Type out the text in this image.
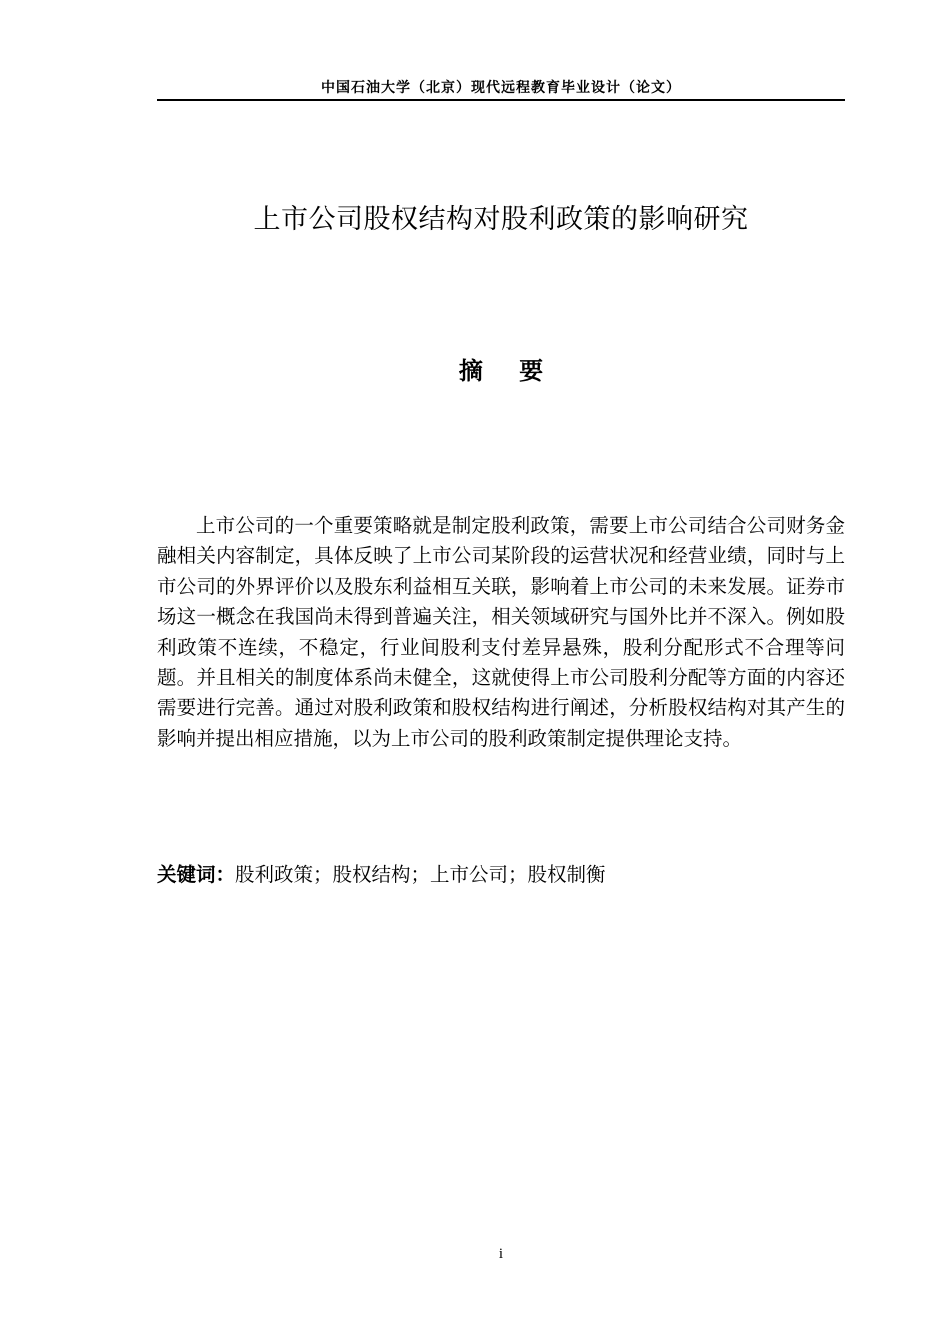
中国石油大学（北京）现代远程教育毕业设计（论文）
上市公司股权结构对股利政策的影响研究
摘 要

上市公司的一个重要策略就是制定股利政策，需要上市公司结合公司财务金融相关内容制定，具体反映了上市公司某阶段的运营状况和经营业绩，同时与上市公司的外界评价以及股东利益相互关联，影响着上市公司的未来发展。证券市场这一概念在我国尚未得到普遍关注，相关领域研究与国外比并不深入。例如股利政策不连续，不稳定，行业间股利支付差异悬殊，股利分配形式不合理等问题。并且相关的制度体系尚未健全，这就使得上市公司股利分配等方面的内容还需要进行完善。通过对股利政策和股权结构进行阐述，分析股权结构对其产生的影响并提出相应措施，以为上市公司的股利政策制定提供理论支持。

关键词：股利政策；股权结构；上市公司；股权制衡
i
